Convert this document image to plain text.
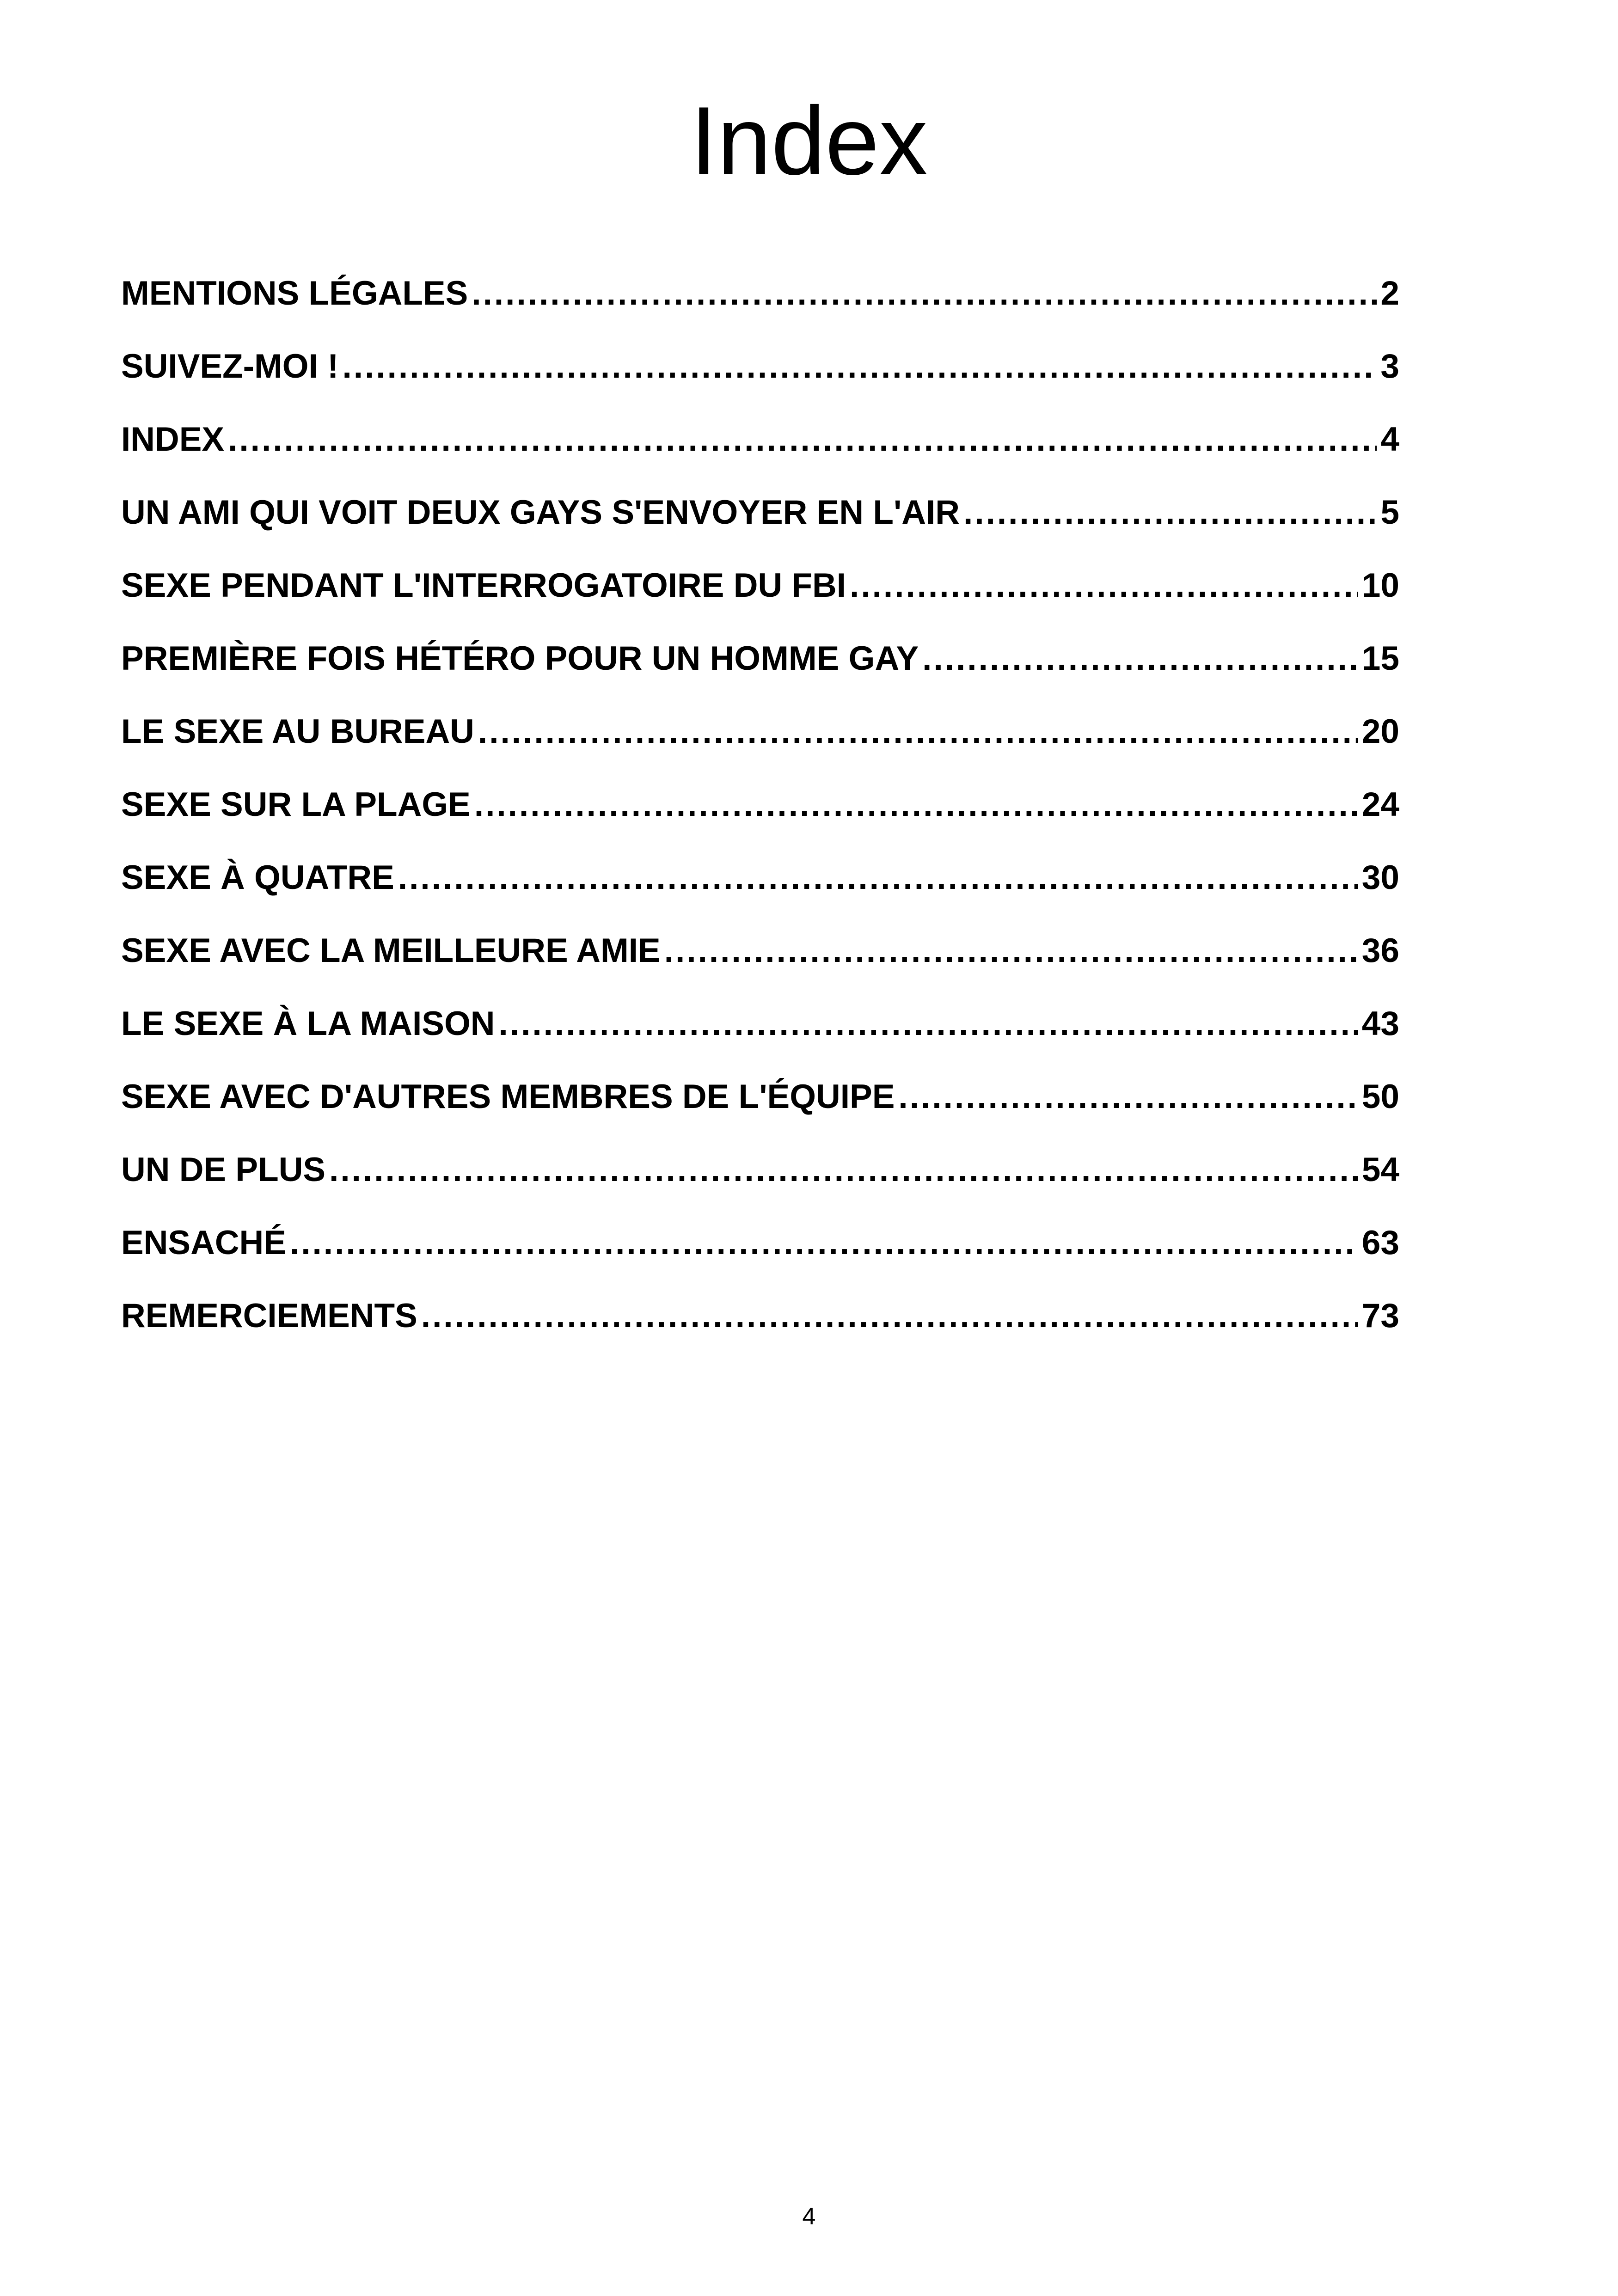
Index
MENTIONS LÉGALES .....	2
SUIVEZ-MOI ! .....	3
INDEX .....	4
UN AMI QUI VOIT DEUX GAYS S'ENVOYER EN L'AIR .....	5
SEXE PENDANT L'INTERROGATOIRE DU FBI .....	10
PREMIÈRE FOIS HÉTÉRO POUR UN HOMME GAY .....	15
LE SEXE AU BUREAU .....	20
SEXE SUR LA PLAGE .....	24
SEXE À QUATRE .....	30
SEXE AVEC LA MEILLEURE AMIE .....	36
LE SEXE À LA MAISON .....	43
SEXE AVEC D'AUTRES MEMBRES DE L'ÉQUIPE .....	50
UN DE PLUS .....	54
ENSACHÉ .....	63
REMERCIEMENTS .....	73
4
